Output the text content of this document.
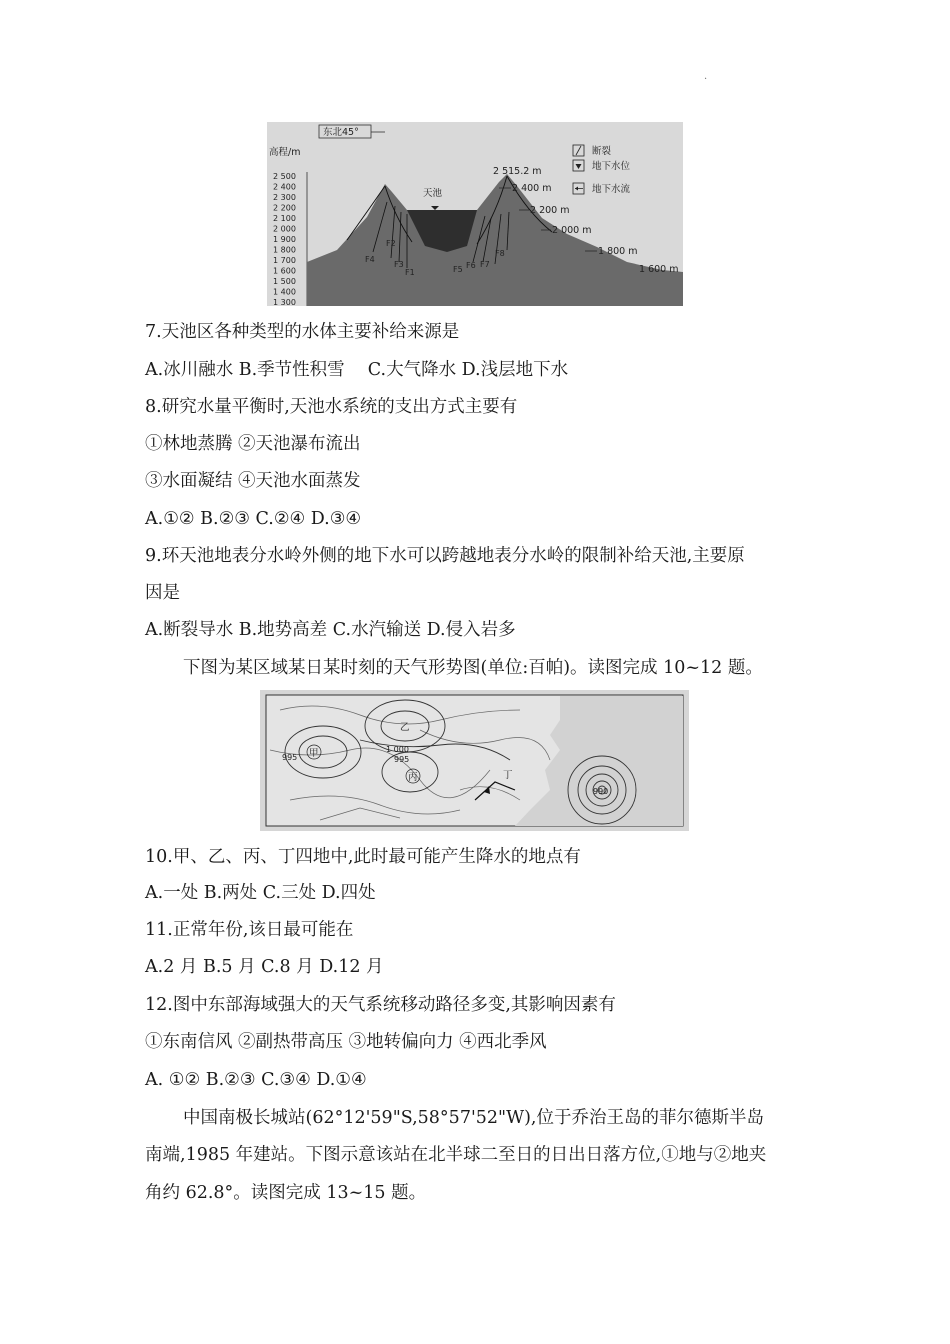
·
东北45°
高程/m
2 500
2 400
2 300
2 200
2 100
2 000
1 900
1 800
1 700
1 600
1 500
1 400
1 300
天池
F4
F2
F3
F1	F5 F6 F7
F8
2 515.2 m
2 400 m
2 200 m
2 000 m
1 800 m
1 600 m
断裂
地下水位
地下水流
7.天池区各种类型的水体主要补给来源是
A.冰川融水 B.季节性积雪　 C.大气降水 D.浅层地下水
8.研究水量平衡时,天池水系统的支出方式主要有
①林地蒸腾 ②天池瀑布流出
③水面凝结 ④天池水面蒸发
A.①② B.②③ C.②④ D.③④
9.环天池地表分水岭外侧的地下水可以跨越地表分水岭的限制补给天池,主要原
因是
A.断裂导水 B.地势高差 C.水汽输送 D.侵入岩多
下图为某区域某日某时刻的天气形势图(单位:百帕)。读图完成 10~12 题。
甲
乙
丙	丁
1 000
995
995
990
10.甲、乙、丙、丁四地中,此时最可能产生降水的地点有
A.一处 B.两处 C.三处 D.四处
11.正常年份,该日最可能在
A.2 月 B.5 月 C.8 月 D.12 月
12.图中东部海域强大的天气系统移动路径多变,其影响因素有
①东南信风 ②副热带高压 ③地转偏向力 ④西北季风
A. ①② B.②③ C.③④ D.①④
中国南极长城站(62°12'59"S,58°57'52"W),位于乔治王岛的菲尔德斯半岛
南端,1985 年建站。下图示意该站在北半球二至日的日出日落方位,①地与②地夹
角约 62.8°。读图完成 13~15 题。
